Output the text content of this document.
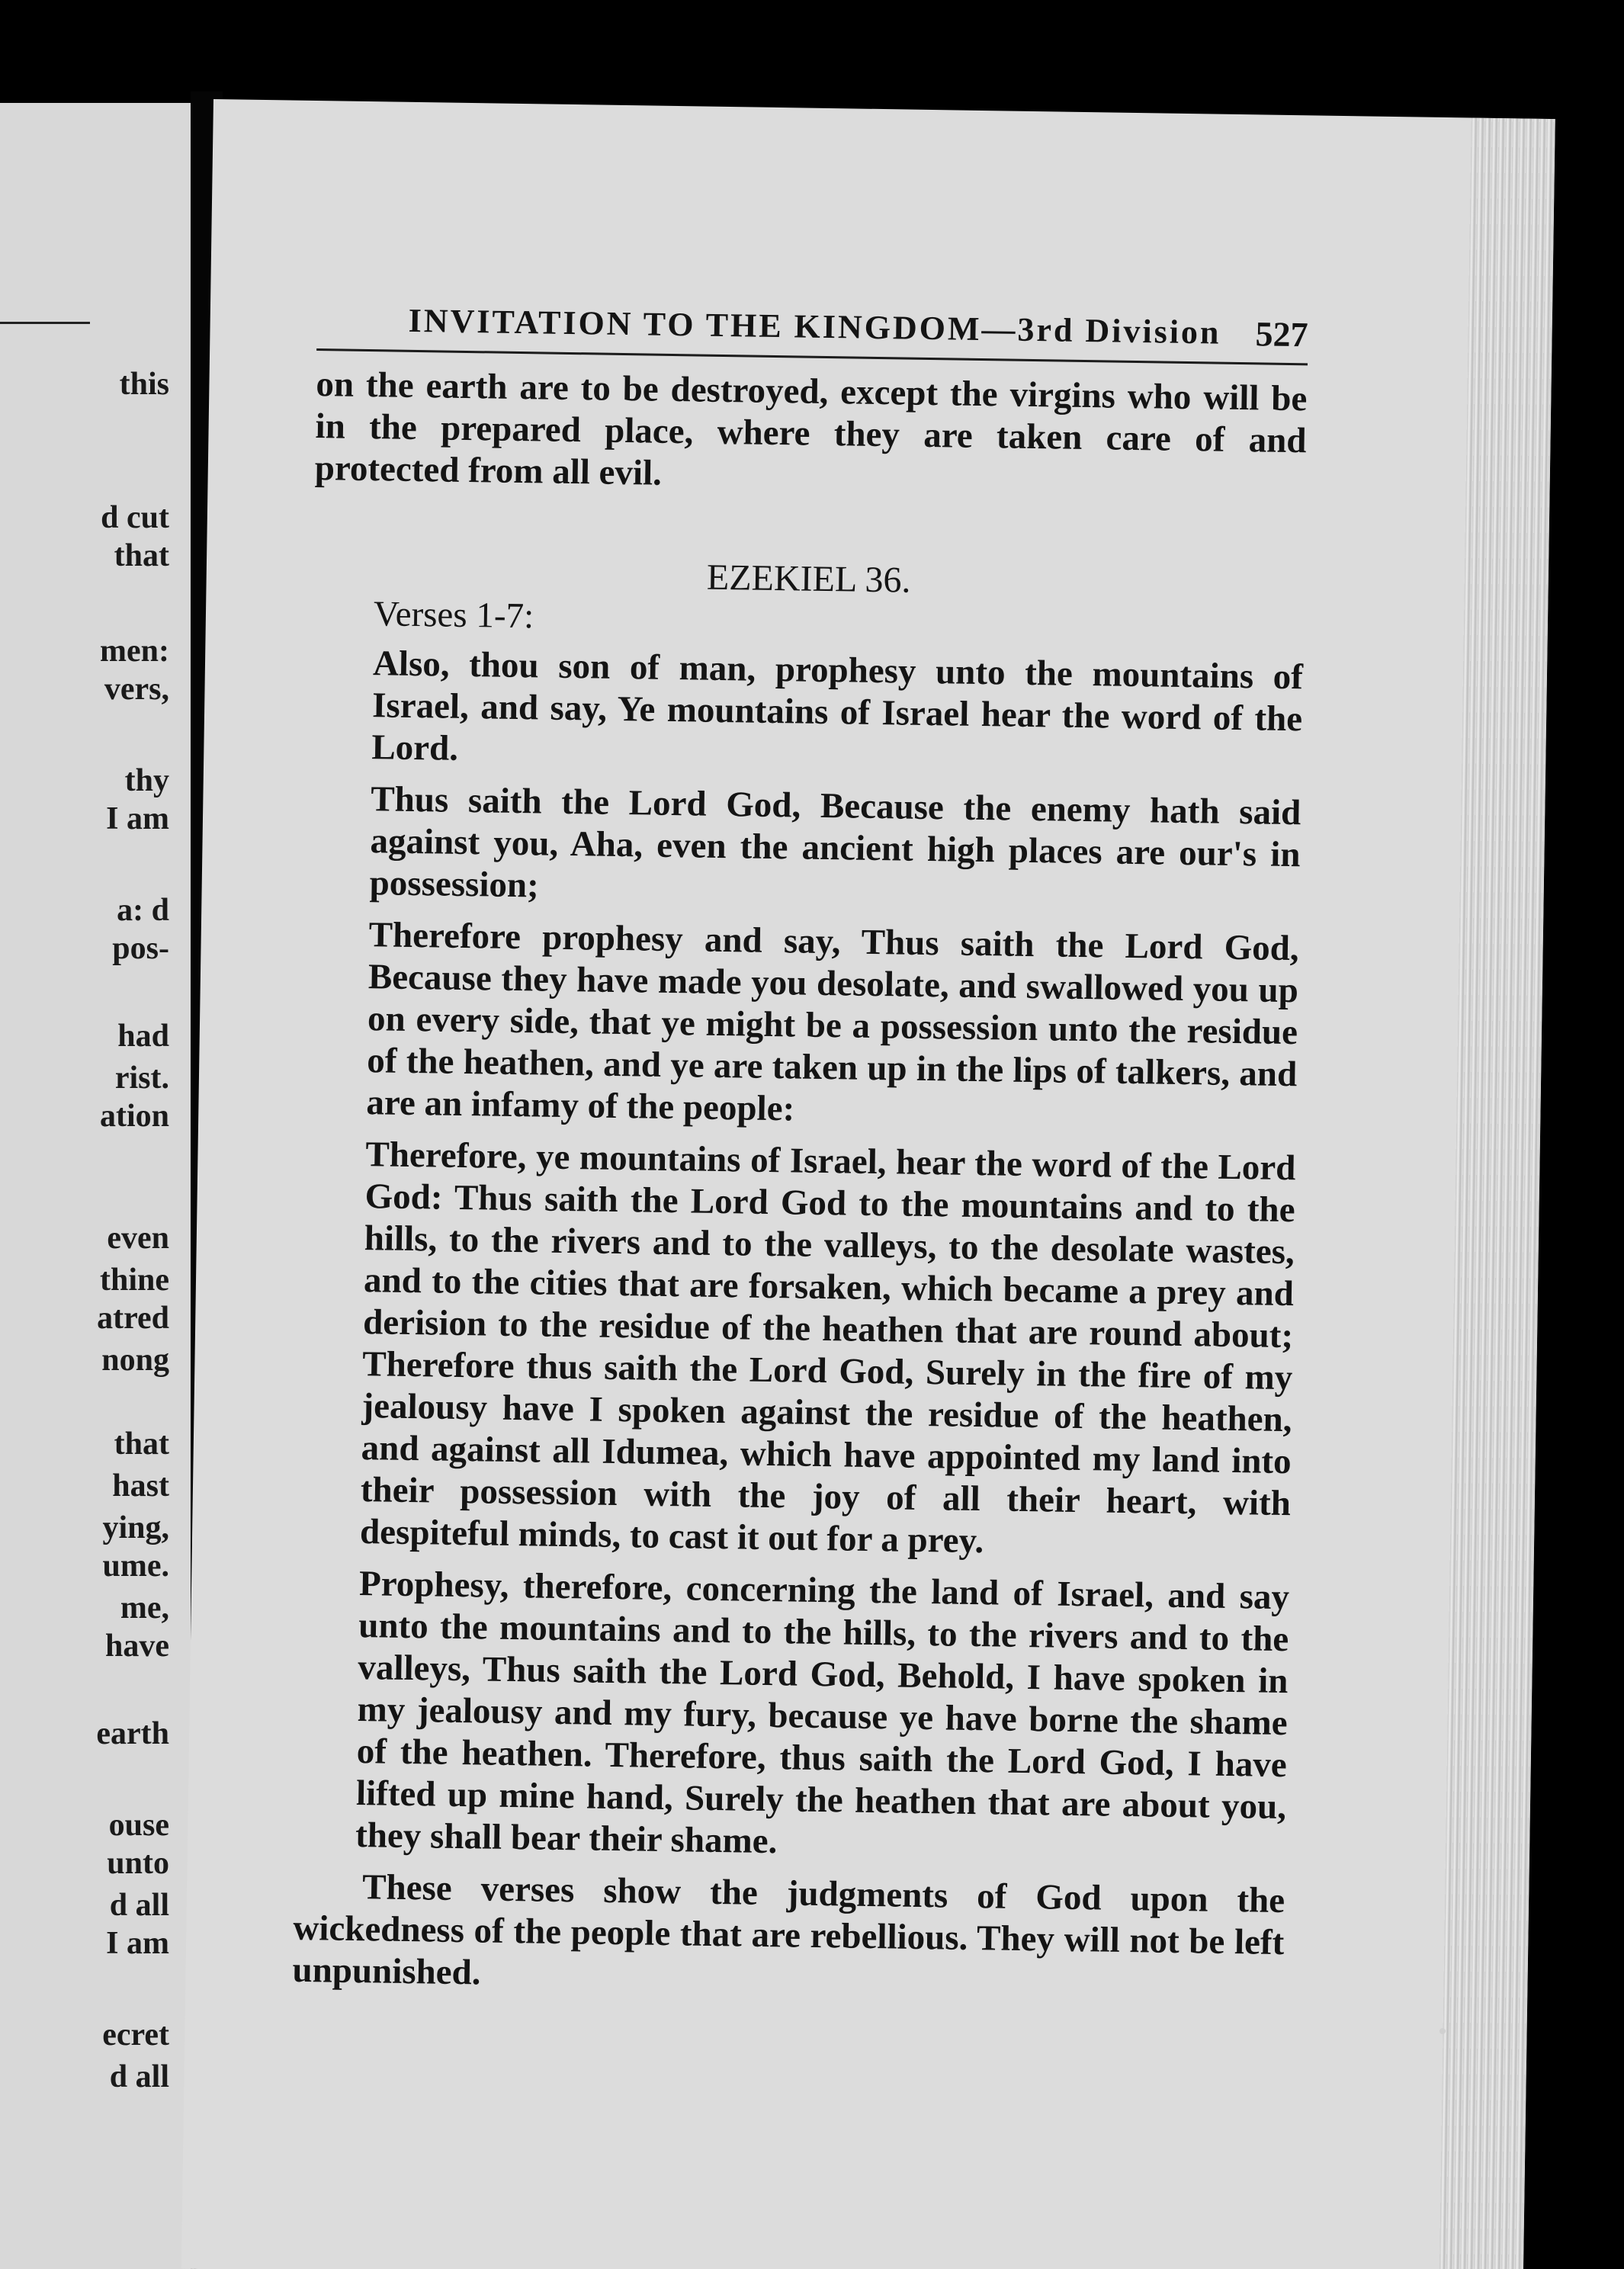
this
d cut
that
men:
vers,
thy
I am
a: d
pos-
had
rist.
ation
even
thine
atred
nong
that
hast
ying,
ume.
me,
have
earth
ouse
unto
d all
I am
ecret
d all
INVITATION TO THE KINGDOM—3rd Division 527

on the earth are to be destroyed, except the virgins who will be in the prepared place, where they are taken care of and protected from all evil.

EZEKIEL 36.

Verses 1-7:

Also, thou son of man, prophesy unto the mountains of Israel, and say, Ye mountains of Israel hear the word of the Lord.

Thus saith the Lord God, Because the enemy hath said against you, Aha, even the ancient high places are our's in possession;

Therefore prophesy and say, Thus saith the Lord God, Because they have made you desolate, and swallowed you up on every side, that ye might be a possession unto the residue of the heathen, and ye are taken up in the lips of talkers, and are an infamy of the people:

Therefore, ye mountains of Israel, hear the word of the Lord God: Thus saith the Lord God to the mountains and to the hills, to the rivers and to the valleys, to the desolate wastes, and to the cities that are forsaken, which became a prey and derision to the residue of the heathen that are round about; Therefore thus saith the Lord God, Surely in the fire of my jealousy have I spoken against the residue of the heathen, and against all Idumea, which have appointed my land into their possession with the joy of all their heart, with despiteful minds, to cast it out for a prey.

Prophesy, therefore, concerning the land of Israel, and say unto the mountains and to the hills, to the rivers and to the valleys, Thus saith the Lord God, Behold, I have spoken in my jealousy and my fury, because ye have borne the shame of the heathen. Therefore, thus saith the Lord God, I have lifted up mine hand, Surely the heathen that are about you, they shall bear their shame.

These verses show the judgments of God upon the wickedness of the people that are rebellious. They will not be left unpunished.
